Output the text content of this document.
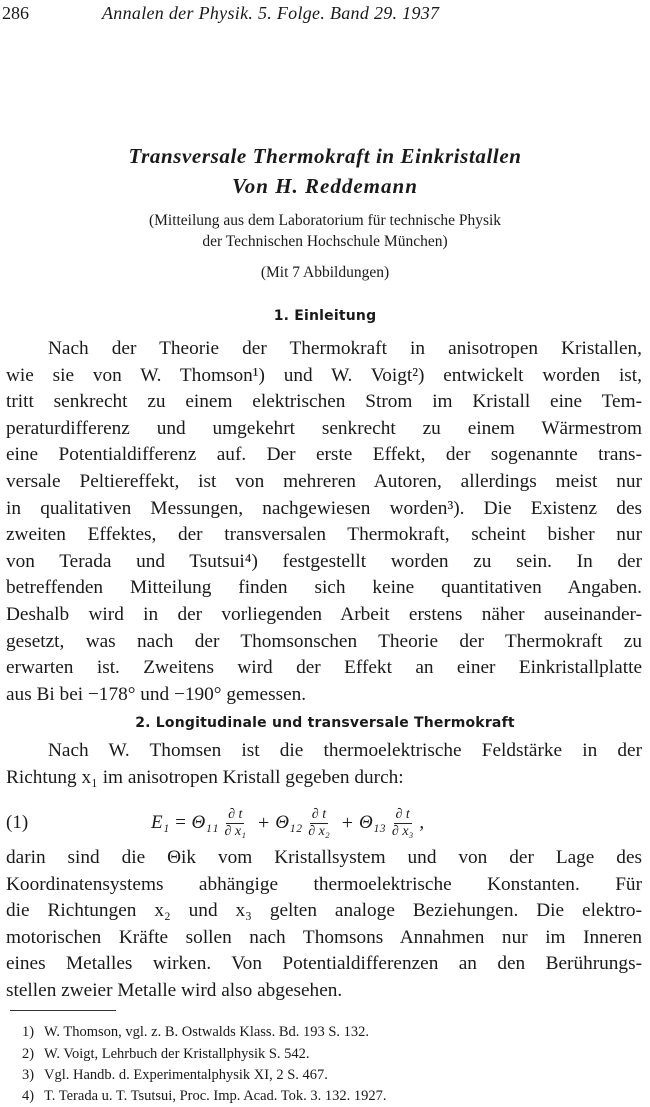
286	Annalen der Physik. 5. Folge. Band 29. 1937
Transversale Thermokraft in Einkristallen
Von H. Reddemann
(Mitteilung aus dem Laboratorium für technische Physik
der Technischen Hochschule München)
(Mit 7 Abbildungen)
1. Einleitung
Nach der Theorie der Thermokraft in anisotropen Kristallen,
wie sie von W. Thomson¹) und W. Voigt²) entwickelt worden ist,
tritt senkrecht zu einem elektrischen Strom im Kristall eine Tem-
peraturdifferenz und umgekehrt senkrecht zu einem Wärmestrom
eine Potentialdifferenz auf. Der erste Effekt, der sogenannte trans-
versale Peltiereffekt, ist von mehreren Autoren, allerdings meist nur
in qualitativen Messungen, nachgewiesen worden³). Die Existenz des
zweiten Effektes, der transversalen Thermokraft, scheint bisher nur
von Terada und Tsutsui⁴) festgestellt worden zu sein. In der
betreffenden Mitteilung finden sich keine quantitativen Angaben.
Deshalb wird in der vorliegenden Arbeit erstens näher auseinander-
gesetzt, was nach der Thomsonschen Theorie der Thermokraft zu
erwarten ist. Zweitens wird der Effekt an einer Einkristallplatte
aus Bi bei −178° und −190° gemessen.
2. Longitudinale und transversale Thermokraft
Nach W. Thomsen ist die thermoelektrische Feldstärke in der
Richtung x₁ im anisotropen Kristall gegeben durch:
(1)	$E_1 = \Theta_{11} \frac{\partial t}{\text{∂ x₁}} + \Theta_{12} \frac{\partial t}{\text{∂ x₂}} + \Theta_{13} \frac{\partial t}{\text{∂ x₃}}$ ,
darin sind die Θik vom Kristallsystem und von der Lage des
Koordinatensystems abhängige thermoelektrische Konstanten. Für
die Richtungen x₂ und x₃ gelten analoge Beziehungen. Die elektro-
motorischen Kräfte sollen nach Thomsons Annahmen nur im Inneren
eines Metalles wirken. Von Potentialdifferenzen an den Berührungs-
stellen zweier Metalle wird also abgesehen.
1) W. Thomson, vgl. z. B. Ostwalds Klass. Bd. 193 S. 132.
2) W. Voigt, Lehrbuch der Kristallphysik S. 542.
3) Vgl. Handb. d. Experimentalphysik XI, 2 S. 467.
4) T. Terada u. T. Tsutsui, Proc. Imp. Acad. Tok. 3. 132. 1927.
